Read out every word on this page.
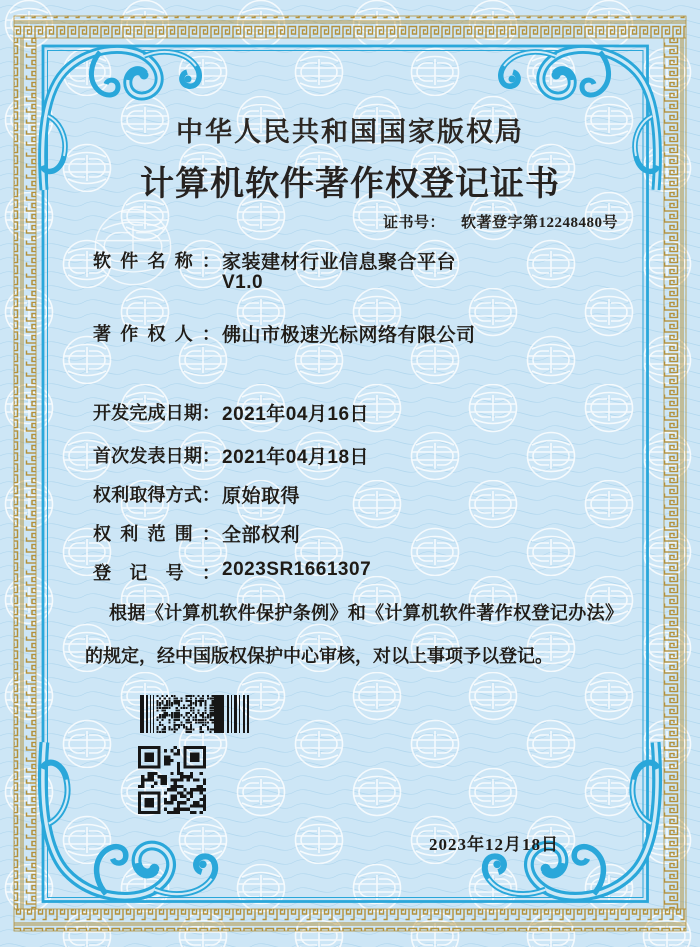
中华人民共和国国家版权局
计算机软件著作权登记证书
证书号： 软著登字第12248480号
软件名称： 家装建材行业信息聚合平台
V1.0
著作权人： 佛山市极速光标网络有限公司
开发完成日期： 2021年04月16日
首次发表日期： 2021年04月18日
权利取得方式： 原始取得
权利范围： 全部权利
登记号： 2023SR1661307

根据《计算机软件保护条例》和《计算机软件著作权登记办法》的规定，经中国版权保护中心审核，对以上事项予以登记。

2023年12月18日
